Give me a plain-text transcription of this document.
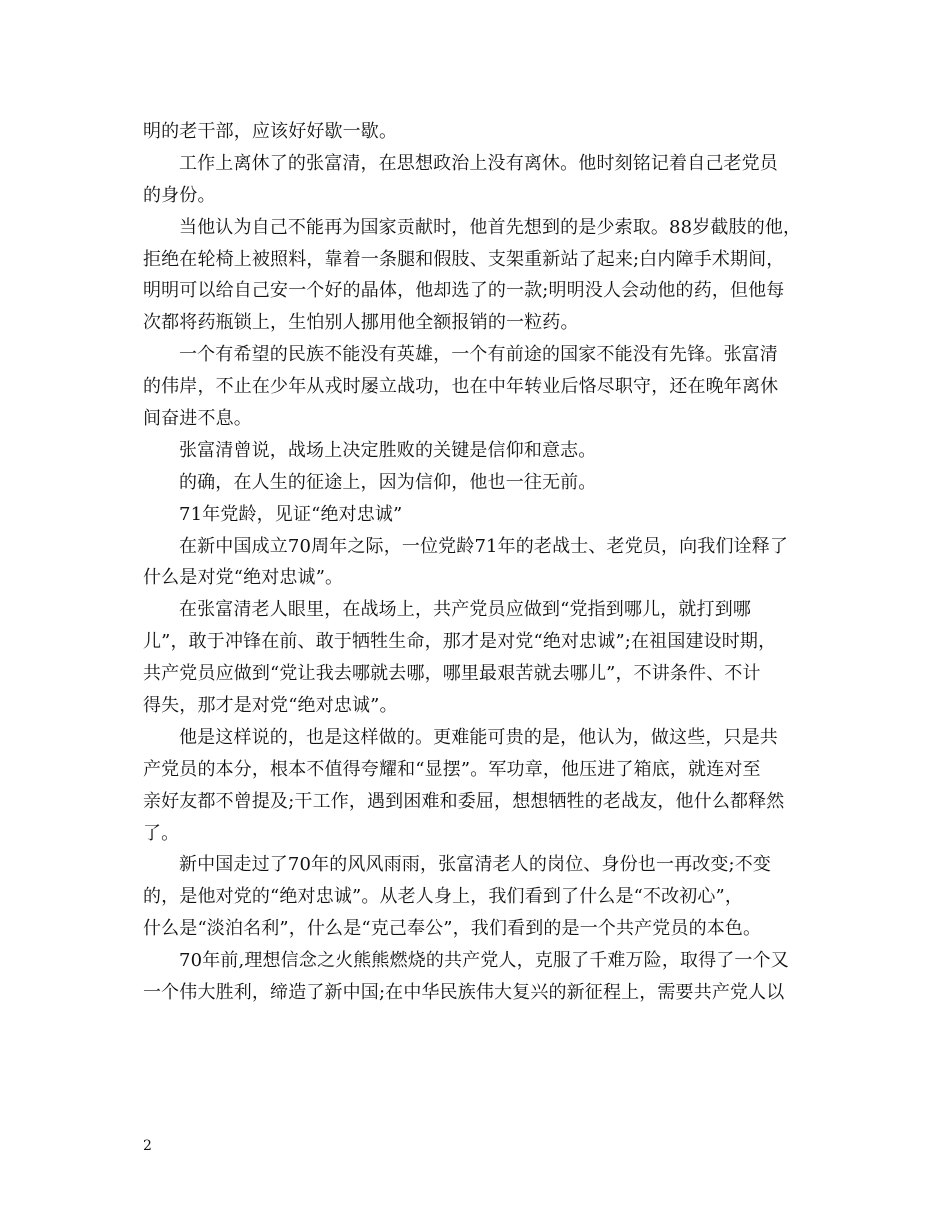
明的老干部，应该好好歇一歇。
工作上离休了的张富清，在思想政治上没有离休。他时刻铭记着自己老党员
的身份。
当他认为自己不能再为国家贡献时，他首先想到的是少索取。88岁截肢的他，
拒绝在轮椅上被照料，靠着一条腿和假肢、支架重新站了起来;白内障手术期间，
明明可以给自己安一个好的晶体，他却选了的一款;明明没人会动他的药，但他每
次都将药瓶锁上，生怕别人挪用他全额报销的一粒药。
一个有希望的民族不能没有英雄，一个有前途的国家不能没有先锋。张富清
的伟岸，不止在少年从戎时屡立战功，也在中年转业后恪尽职守，还在晚年离休
间奋进不息。
张富清曾说，战场上决定胜败的关键是信仰和意志。
的确，在人生的征途上，因为信仰，他也一往无前。
71年党龄，见证“绝对忠诚”
在新中国成立70周年之际，一位党龄71年的老战士、老党员，向我们诠释了
什么是对党“绝对忠诚”。
在张富清老人眼里，在战场上，共产党员应做到“党指到哪儿，就打到哪
儿”，敢于冲锋在前、敢于牺牲生命，那才是对党“绝对忠诚”;在祖国建设时期，
共产党员应做到“党让我去哪就去哪，哪里最艰苦就去哪儿”，不讲条件、不计
得失，那才是对党“绝对忠诚”。
他是这样说的，也是这样做的。更难能可贵的是，他认为，做这些，只是共
产党员的本分，根本不值得夸耀和“显摆”。军功章，他压进了箱底，就连对至
亲好友都不曾提及;干工作，遇到困难和委屈，想想牺牲的老战友，他什么都释然
了。
新中国走过了70年的风风雨雨，张富清老人的岗位、身份也一再改变;不变
的，是他对党的“绝对忠诚”。从老人身上，我们看到了什么是“不改初心”，
什么是“淡泊名利”，什么是“克己奉公”，我们看到的是一个共产党员的本色。
70年前,理想信念之火熊熊燃烧的共产党人，克服了千难万险，取得了一个又
一个伟大胜利，缔造了新中国;在中华民族伟大复兴的新征程上，需要共产党人以
2
